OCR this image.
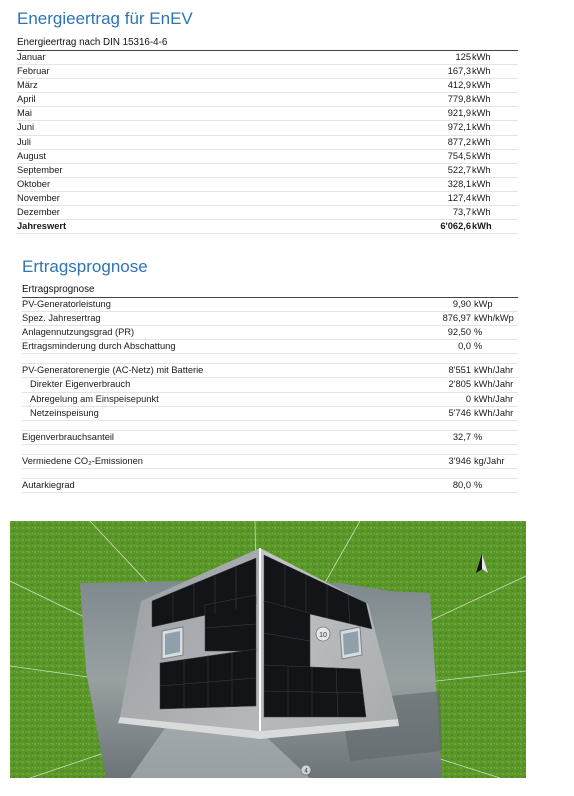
Energieertrag für EnEV
Energieertrag nach DIN 15316-4-6
Januar	125 kWh
Februar	167,3 kWh
März	412,9 kWh
April	779,8 kWh
Mai	921,9 kWh
Juni	972,1 kWh
Juli	877,2 kWh
August	754,5 kWh
September	522,7 kWh
Oktober	328,1 kWh
November	127,4 kWh
Dezember	73,7 kWh
Jahreswert	6'062,6 kWh
Ertragsprognose
Ertragsprognose
PV-Generatorleistung	9,90 kWp
Spez. Jahresertrag	876,97 kWh/kWp
Anlagennutzungsgrad (PR)	92,50 %
Ertragsminderung durch Abschattung	0,0 %
PV-Generatorenergie (AC-Netz) mit Batterie	8'551 kWh/Jahr
Direkter Eigenverbrauch	2'805 kWh/Jahr
Abregelung am Einspeisepunkt	0 kWh/Jahr
Netzeinspeisung	5'746 kWh/Jahr
Eigenverbrauchsanteil	32,7 %
Vermiedene CO₂-Emissionen	3'946 kg/Jahr
Autarkiegrad	80,0 %
10
4
